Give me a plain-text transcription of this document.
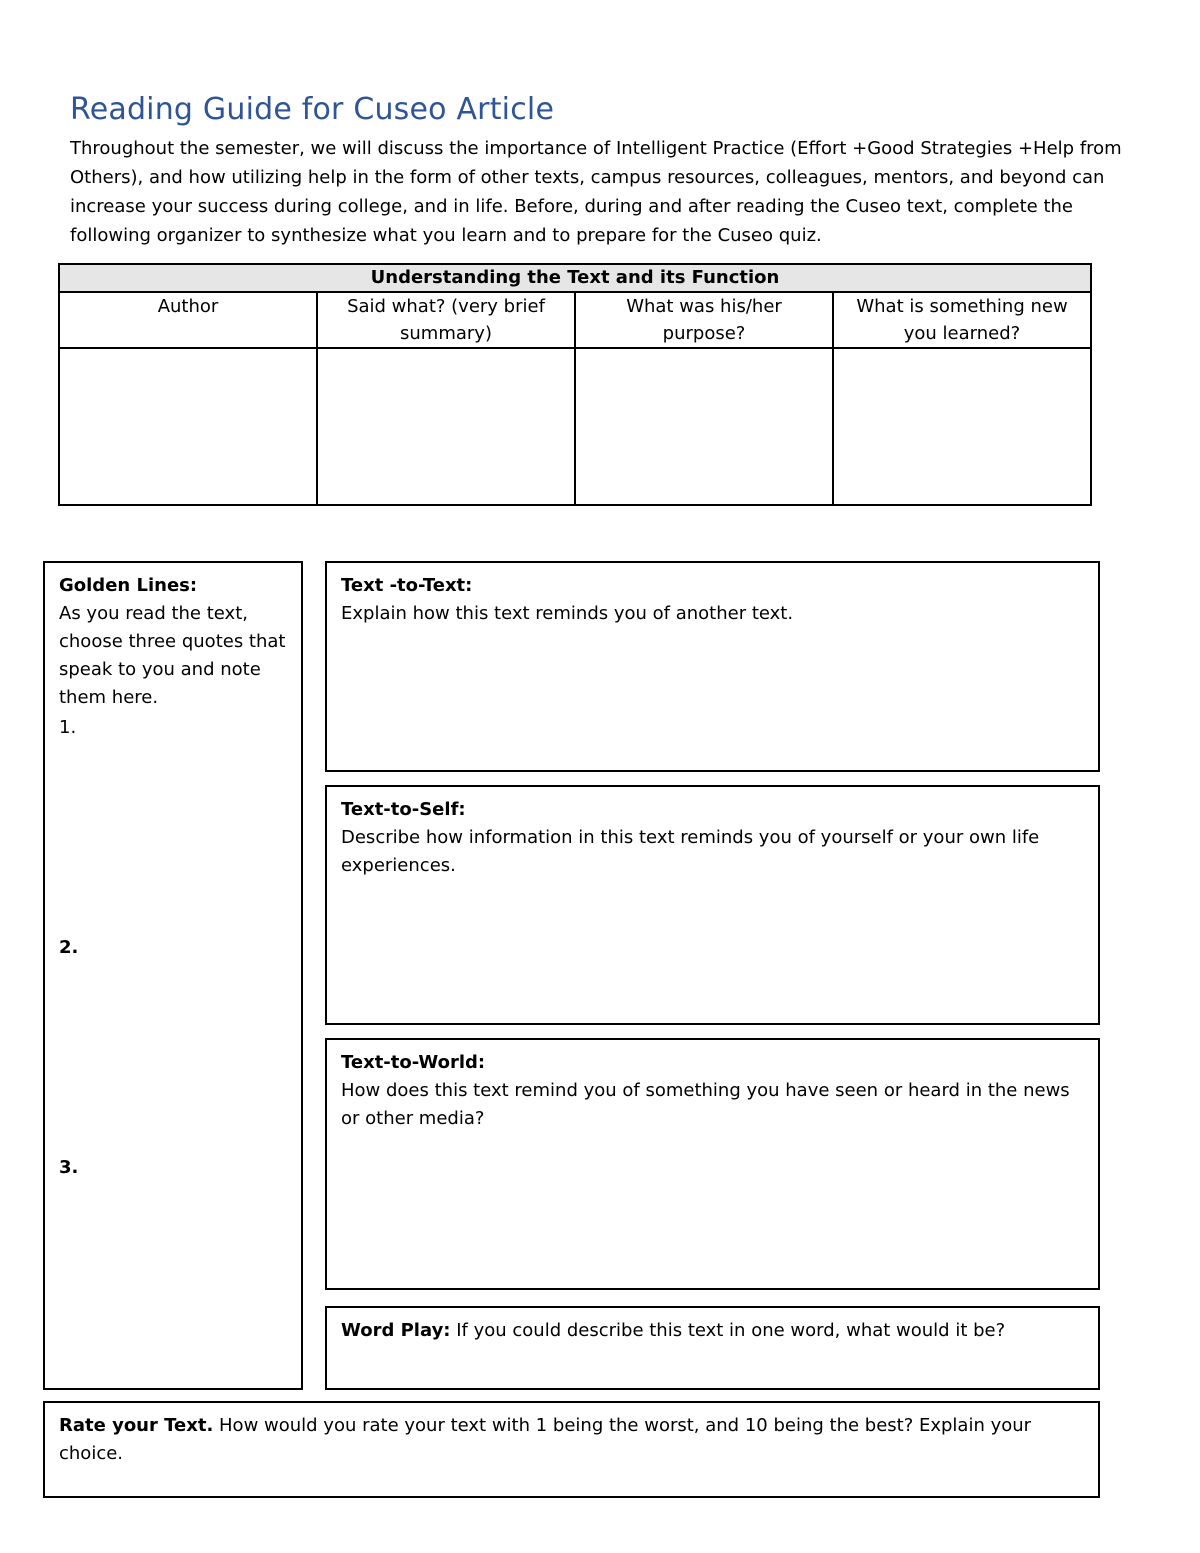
Reading Guide for Cuseo Article
Throughout the semester, we will discuss the importance of Intelligent Practice (Effort +Good Strategies +Help from Others), and how utilizing help in the form of other texts, campus resources, colleagues, mentors, and beyond can increase your success during college, and in life. Before, during and after reading the Cuseo text, complete the following organizer to synthesize what you learn and to prepare for the Cuseo quiz.
Understanding the Text and its Function			
Author	Said what? (very brief summary)	What was his/her purpose?	What is something new you learned?

Golden Lines:
As you read the text, choose three quotes that speak to you and note them here.
1.
2.
3.
Text -to-Text:
Explain how this text reminds you of another text.
Text-to-Self:
Describe how information in this text reminds you of yourself or your own life experiences.
Text-to-World:
How does this text remind you of something you have seen or heard in the news or other media?
Word Play: If you could describe this text in one word, what would it be?
Rate your Text. How would you rate your text with 1 being the worst, and 10 being the best? Explain your choice.
